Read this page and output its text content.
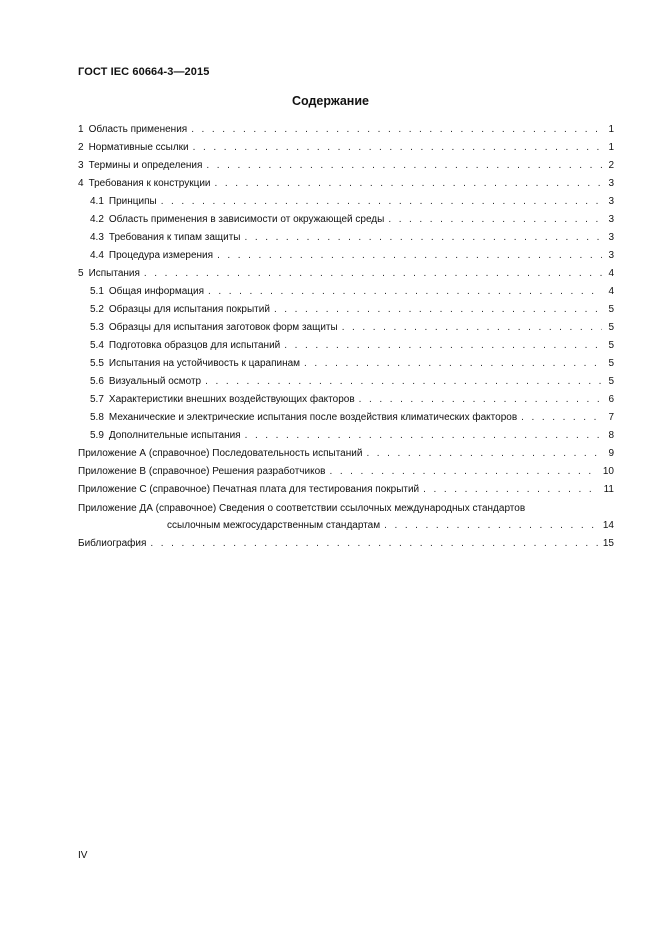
ГОСТ IEC 60664-3—2015
Содержание
1 Область применения . . .	1
2 Нормативные ссылки . . .	1
3 Термины и определения . . .	2
4 Требования к конструкции . . .	3
4.1 Принципы . . .	3
4.2 Область применения в зависимости от окружающей среды . . .	3
4.3 Требования к типам защиты . . .	3
4.4 Процедура измерения . . .	3
5 Испытания . . .	4
5.1 Общая информация . . .	4
5.2 Образцы для испытания покрытий . . .	5
5.3 Образцы для испытания заготовок форм защиты . . .	5
5.4 Подготовка образцов для испытаний . . .	5
5.5 Испытания на устойчивость к царапинам . . .	5
5.6 Визуальный осмотр . . .	5
5.7 Характеристики внешних воздействующих факторов . . .	6
5.8 Механические и электрические испытания после воздействия климатических факторов . . .	7
5.9 Дополнительные испытания . . .	8
Приложение А (справочное) Последовательность испытаний . . .	9
Приложение В (справочное) Решения разработчиков . . .	10
Приложение С (справочное) Печатная плата для тестирования покрытий . . .	11
Приложение ДА (справочное) Сведения о соответствии ссылочных международных стандартов
ссылочным межгосударственным стандартам . . .	14
Библиография . . .	15
IV
